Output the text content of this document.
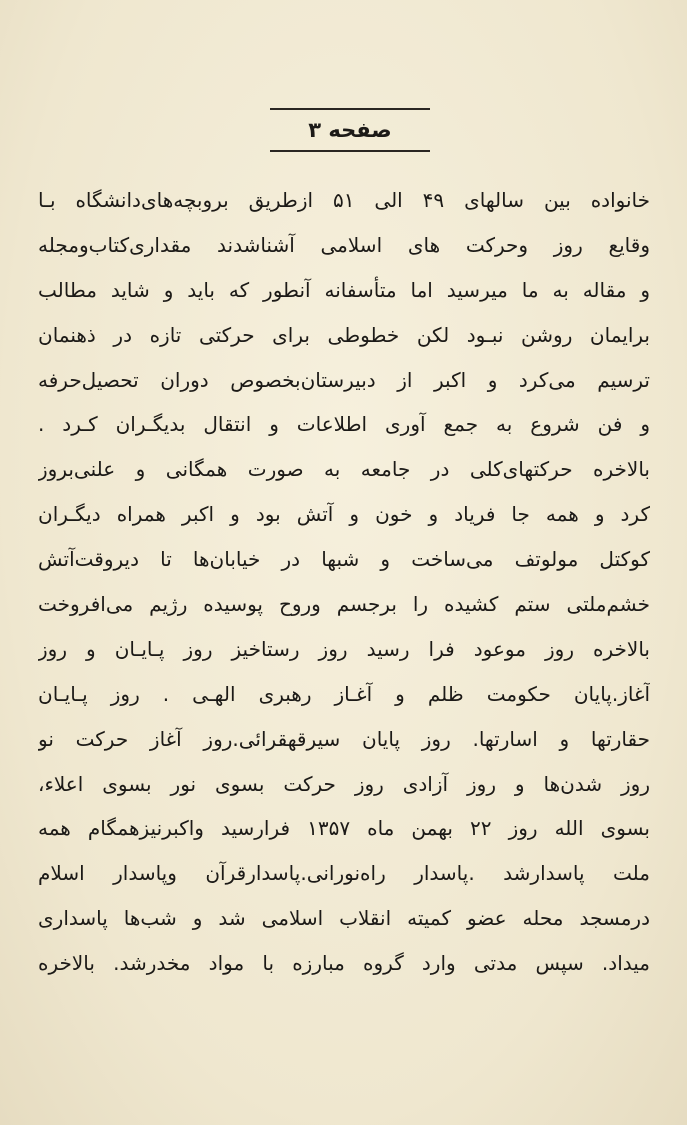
صفحه ۳
خانواده بین سالهای ۴۹ الی ۵۱ ازطریق بروبچه‌های‌دانشگاه بـا
وقایع روز وحرکت های اسلامی آشناشدند مقداری‌کتاب‌ومجله
و مقاله به ما میرسید اما متأسفانه آنطور که باید و شاید مطالب
برایمان روشن نبـود لکن خطوطی برای حرکتی تازه در ذهنمان
ترسیم می‌کرد و اکبر از دبیرستان‌بخصوص دوران تحصیل‌حرفه
و فن شروع به جمع آوری اطلاعات و انتقال بدیگـران کـرد .
بالاخره حرکتهای‌کلی در جامعه به صورت همگانی و علنی‌بروز
کرد و همه جا فریاد و خون و آتش بود و اکبر همراه دیگـران
کوکتل مولوتف می‌ساخت و شبها در خیابان‌ها تا دیروقت‌آتش
خشم‌ملتی ستم کشیده را برجسم وروح پوسیده رژیم می‌افروخت
بالاخره روز موعود فرا رسید روز رستاخیز روز پـایـان و روز
آغاز.پایان حکومت ظلم و آغـاز رهبری الهـی . روز پـایـان
حقارتها و اسارتها. روز پایان سیرقهقرائی.روز آغاز حرکت نو
روز شدن‌ها و روز آزادی روز حرکت بسوی نور بسوی اعلاء،
بسوی الله روز ۲۲ بهمن ماه ۱۳۵۷ فرارسید واکبرنیزهمگام همه
ملت پاسدارشد .پاسدار راه‌نورانی.پاسدارقرآن وپاسدار اسلام
درمسجد محله عضو کمیته انقلاب اسلامی شد و شب‌ها پاسداری
میداد. سپس مدتی وارد گروه مبارزه با مواد مخدرشد. بالاخره
